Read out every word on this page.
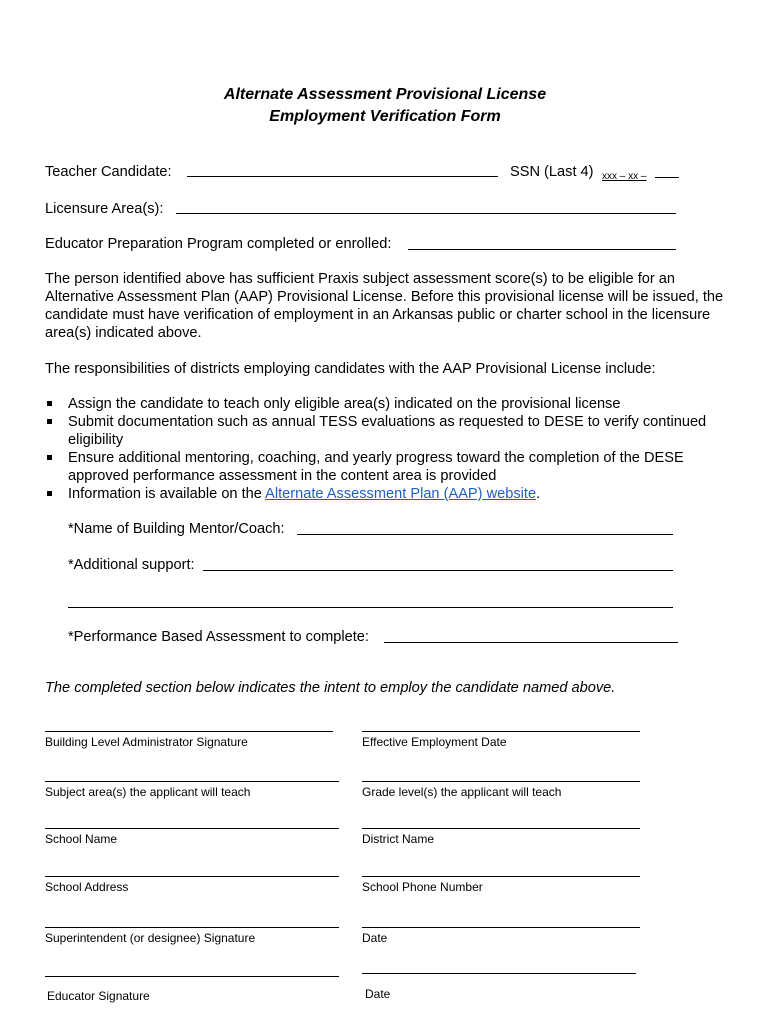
Alternate Assessment Provisional License
Employment Verification Form
Teacher Candidate:	SSN (Last 4) xxx – xx –
Licensure Area(s):
Educator Preparation Program completed or enrolled:
The person identified above has sufficient Praxis subject assessment score(s) to be eligible for an Alternative Assessment Plan (AAP) Provisional License. Before this provisional license will be issued, the candidate must have verification of employment in an Arkansas public or charter school in the licensure area(s) indicated above.
The responsibilities of districts employing candidates with the AAP Provisional License include:
Assign the candidate to teach only eligible area(s) indicated on the provisional license
Submit documentation such as annual TESS evaluations as requested to DESE to verify continued eligibility
Ensure additional mentoring, coaching, and yearly progress toward the completion of the DESE approved performance assessment in the content area is provided
Information is available on the Alternate Assessment Plan (AAP) website.
*Name of Building Mentor/Coach:
*Additional support:
*Performance Based Assessment to complete:
The completed section below indicates the intent to employ the candidate named above.
Building Level Administrator Signature
Subject area(s) the applicant will teach
School Name
School Address
Superintendent (or designee) Signature
Educator Signature
Effective Employment Date
Grade level(s) the applicant will teach
District Name
School Phone Number
Date
Date
